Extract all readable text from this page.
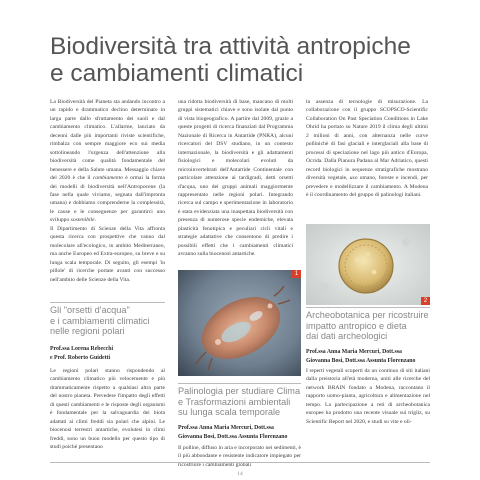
Biodiversità tra attività antropiche
e cambiamenti climatici

La Biodiversità del Pianeta sta andando incontro a un rapido e drammatico declino determinato in larga parte dallo sfruttamento dei suoli e dal cambiamento climatico. L'allarme, lanciato da decenni dalle più importanti riviste scientifiche, rimbalza con sempre maggiore eco sui media sottolineando l'urgenza dell'attenzione alla biodiversità come qualità fondamentale del benessere e della Salute umana. Messaggio chiave del 2020 è che il cambiamento è ormai la forma dei modelli di biodiversità nell'Antropocene (la fase nella quale viviamo, segnata dall'impronta umana) e dobbiamo comprenderne la complessità, le cause e le conseguenze per garantirci uno sviluppo sostenibile.

Il Dipartimento di Scienze della Vita affronta questa ricerca con prospettive che vanno dal molecolare all'ecologico, in ambito Mediterraneo, ma anche Europeo ed Extra-europeo, su breve e su lunga scala temporale. Di seguito, gli esempi 'in pillole' di ricerche portate avanti con successo nell'ambito delle Scienze della Vita.

una ridotta biodiversità di base, mancano di molti gruppi sistematici chiave e sono isolate dal punto di vista biogeografico. A partire dal 2009, grazie a queste progetti di ricerca finanziati dal Programma Nazionale di Ricerca in Antartide (PNRA), alcuni ricercatori del DSV studiano, in un contesto internazionale, la biodiversità e gli adattamenti fisiologici e molecolari evoluti da microinvertebrati dell'Antartide Continentale con particolare attenzione ai tardigradi, detti orsetti d'acqua, uno dei gruppi animali maggiormente rappresentato nelle regioni polari. Integrando ricerca sul campo e sperimentazione in laboratorio è stata evidenziata una inaspettata biodiversità con presenza di numerose specie endemiche, elevata plasticità fenotipica e peculiari cicli vitali e strategie adattative che consentono di predire i possibili effetti che i cambiamenti climatici avranno sulla biocenosi antartiche.

in assenza di tecnologie di misurazione. La collaborazione con il gruppo SCOPSCO-Scientific Collaboration On Past Speciation Conditions in Lake Ohrid ha portato su Nature 2019 il clima degli ultimi 2 milioni di anni, con alternanza nelle curve pollinichè di fasi glaciali e interglaciali alla base di processi di speciazione nel lago più antico d'Europa, Ocrida. Dalla Pianura Padana al Mar Adriatico, questi record biologici in sequenze stratigrafiche mostrano diversità vegetale, uso umano, foreste e incendi, per prevedere e modellizzare il cambiamento. A Modena è il coordinamento del gruppo di palinologi italiani.

1
2
Gli "orsetti d'acqua"
e i cambiamenti climatici
nelle regioni polari
Prof.ssa Lorena Rebecchi
e Prof. Roberto Guidetti

Le regioni polari stanno rispondendo al cambiamento climatico più velocemente e più drammaticamente rispetto a qualsiasi altra parte del nostro pianeta. Prevedere l'impatto degli effetti di questi cambiamenti e le risposte degli organismi è fondamentale per la salvaguardia dei biota adattati ai climi freddi sia polari che alpini. Le biocenosi terrestri antartiche, evolutesi in climi freddi, sono un buon modello per questo tipo di studi poiché presentano

Palinologia per studiare Clima
e Trasformazioni ambientali
su lunga scala temporale
Prof.ssa Anna Maria Mercuri, Dott.ssa
Giovanna Bosi, Dott.ssa Assunta Florenzano

Il polline, diffuso in aria e incorporato nei sedimenti, è il più abbondante e resistente indicatore impiegato per ricostruire i cambiamenti globali

Archeobotanica per ricostruire
impatto antropico e dieta
dai dati archeologici
Prof.ssa Anna Maria Mercuri, Dott.ssa
Giovanna Bosi, Dott.ssa Assunta Florenzano

I reperti vegetali scoperti da un continuo di siti italiani dalla preistoria all'età moderna, uniti alle ricerche del network BRAIN fondato a Modena, raccontano il rapporto uomo-pianta, agricoltura e alimentazione nel tempo. La partecipazione a reti di archeobotanica europee ha prodotto una recente visuale sui trigliz, su Scientific Report nel 2020, e studi su vite e oli-

14
